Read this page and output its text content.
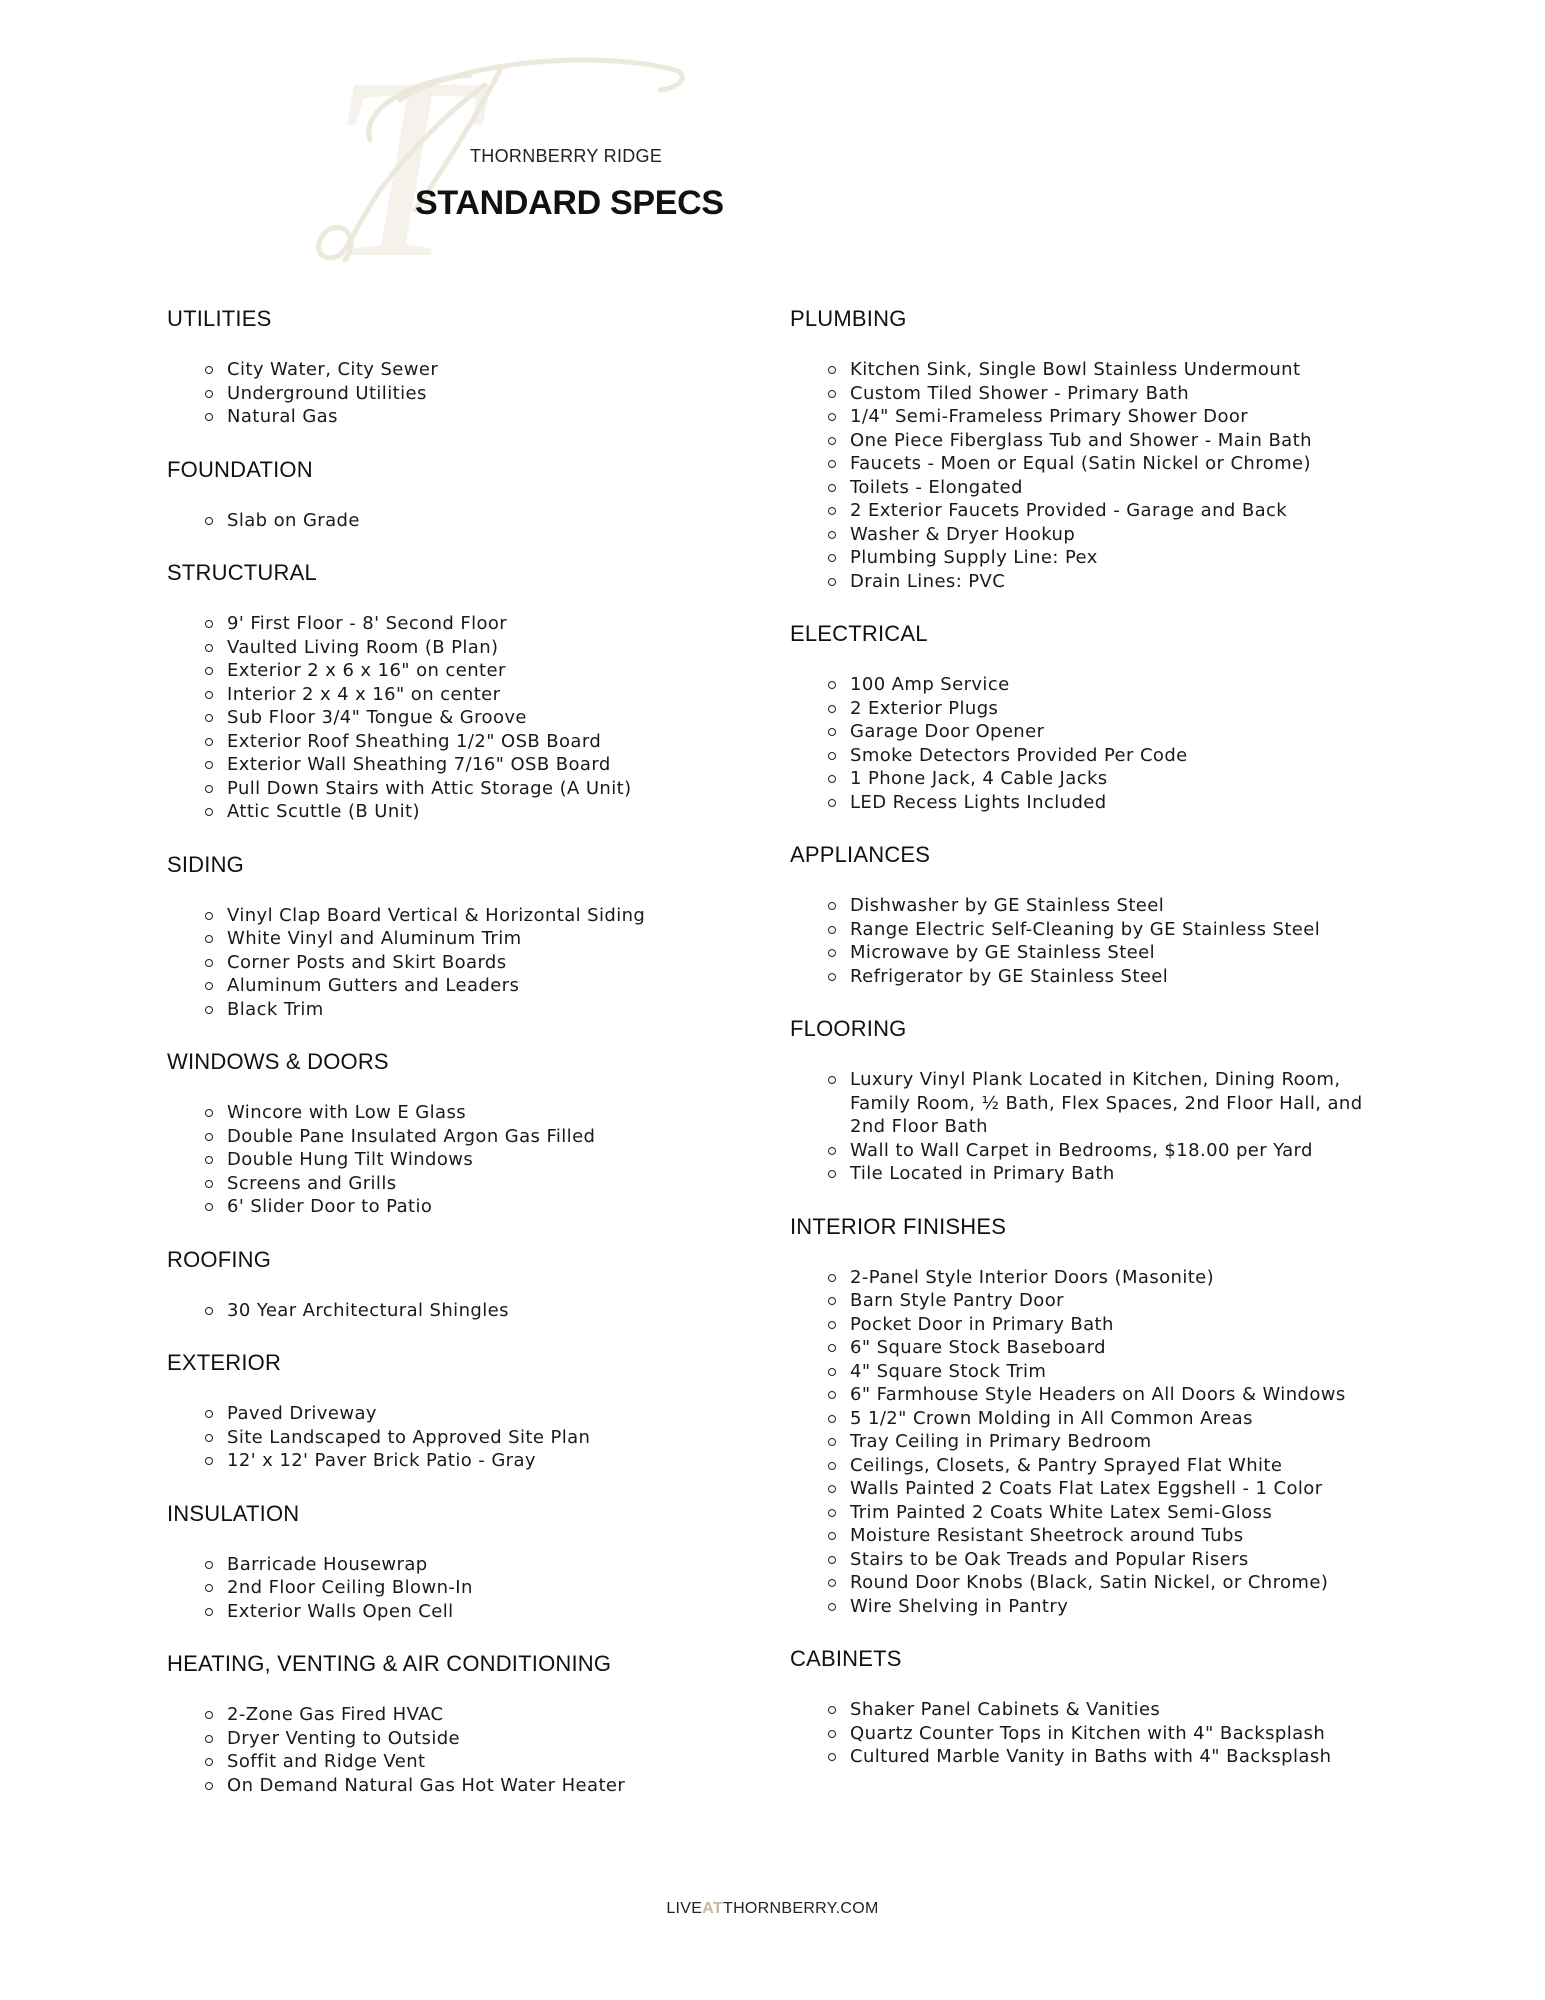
T
THORNBERRY RIDGE
STANDARD SPECS
UTILITIES
City Water, City Sewer
Underground Utilities
Natural Gas
FOUNDATION
Slab on Grade
STRUCTURAL
9' First Floor - 8' Second Floor
Vaulted Living Room (B Plan)
Exterior 2 x 6 x 16" on center
Interior 2 x 4 x 16" on center
Sub Floor 3/4" Tongue & Groove
Exterior Roof Sheathing 1/2" OSB Board
Exterior Wall Sheathing 7/16" OSB Board
Pull Down Stairs with Attic Storage (A Unit)
Attic Scuttle (B Unit)
SIDING
Vinyl Clap Board Vertical & Horizontal Siding
White Vinyl and Aluminum Trim
Corner Posts and Skirt Boards
Aluminum Gutters and Leaders
Black Trim
WINDOWS & DOORS
Wincore with Low E Glass
Double Pane Insulated Argon Gas Filled
Double Hung Tilt Windows
Screens and Grills
6' Slider Door to Patio
ROOFING
30 Year Architectural Shingles
EXTERIOR
Paved Driveway
Site Landscaped to Approved Site Plan
12' x 12' Paver Brick Patio - Gray
INSULATION
Barricade Housewrap
2nd Floor Ceiling Blown-In
Exterior Walls Open Cell
HEATING, VENTING & AIR CONDITIONING
2-Zone Gas Fired HVAC
Dryer Venting to Outside
Soffit and Ridge Vent
On Demand Natural Gas Hot Water Heater
PLUMBING
Kitchen Sink, Single Bowl Stainless Undermount
Custom Tiled Shower - Primary Bath
1/4" Semi-Frameless Primary Shower Door
One Piece Fiberglass Tub and Shower - Main Bath
Faucets - Moen or Equal (Satin Nickel or Chrome)
Toilets - Elongated
2 Exterior Faucets Provided - Garage and Back
Washer & Dryer Hookup
Plumbing Supply Line: Pex
Drain Lines: PVC
ELECTRICAL
100 Amp Service
2 Exterior Plugs
Garage Door Opener
Smoke Detectors Provided Per Code
1 Phone Jack, 4 Cable Jacks
LED Recess Lights Included
APPLIANCES
Dishwasher by GE Stainless Steel
Range Electric Self-Cleaning by GE Stainless Steel
Microwave by GE Stainless Steel
Refrigerator by GE Stainless Steel
FLOORING
Luxury Vinyl Plank Located in Kitchen, Dining Room, Family Room, ½ Bath, Flex Spaces, 2nd Floor Hall, and 2nd Floor Bath
Wall to Wall Carpet in Bedrooms, $18.00 per Yard
Tile Located in Primary Bath
INTERIOR FINISHES
2-Panel Style Interior Doors (Masonite)
Barn Style Pantry Door
Pocket Door in Primary Bath
6" Square Stock Baseboard
4" Square Stock Trim
6" Farmhouse Style Headers on All Doors & Windows
5 1/2" Crown Molding in All Common Areas
Tray Ceiling in Primary Bedroom
Ceilings, Closets, & Pantry Sprayed Flat White
Walls Painted 2 Coats Flat Latex Eggshell - 1 Color
Trim Painted 2 Coats White Latex Semi-Gloss
Moisture Resistant Sheetrock around Tubs
Stairs to be Oak Treads and Popular Risers
Round Door Knobs (Black, Satin Nickel, or Chrome)
Wire Shelving in Pantry
CABINETS
Shaker Panel Cabinets & Vanities
Quartz Counter Tops in Kitchen with 4" Backsplash
Cultured Marble Vanity in Baths with 4" Backsplash
LIVEATTHORNBERRY.COM
